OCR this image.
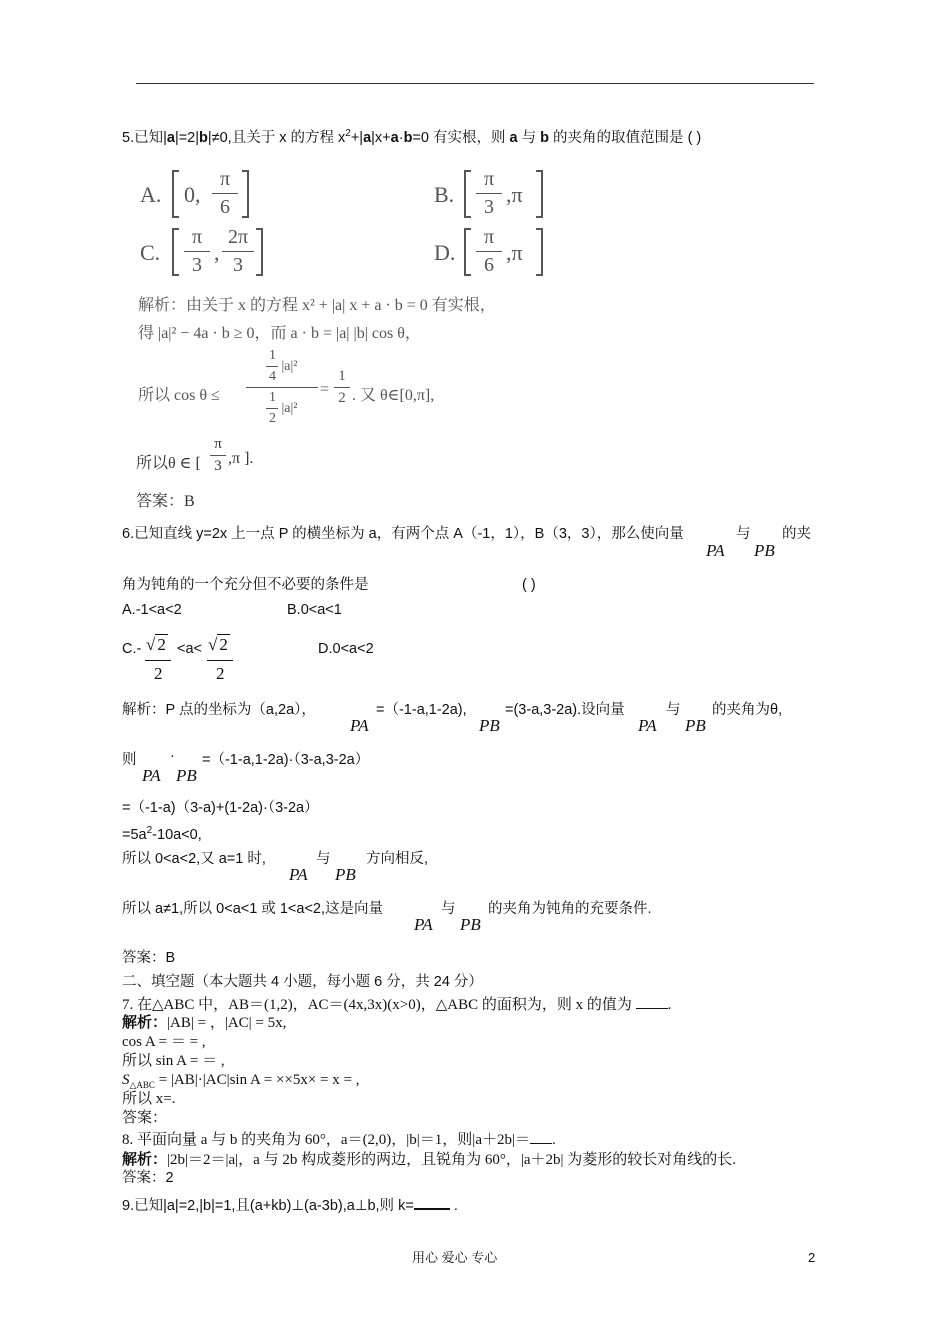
5.已知|a|=2|b|≠0,且关于 x 的方程 $x^2+|a|x+a\cdot b=0$ 有实根，则 a 与 b 的夹角的取值范围是 ( )
A. 0,
π
6	B.
π
3 ,π
C.
π
3 ,
2π
3	D.
π
6 ,π
解析：由关于 x 的方程 x² + |a| x + a · b = 0 有实根，
得 |a|² − 4a · b ≥ 0，而 a · b = |a| |b| cos θ，
所以 cos θ ≤
1
4
|a|²
1
2
|a|²
=
1
2 . 又 θ∈[0,π],
所以θ ∈ [
π
3 ,π ].
答案：B
6.已知直线 y=2x 上一点 P 的横坐标为 a，有两个点 A（-1，1），B（3，3），那么使向量	与 的夹
PA PB
角为钝角的一个充分但不必要的条件是	( )
A.-1<a<2	B.0<a<1
C.- √ 2
2
<a< √ 2
2
D.0<a<2
解析：P 点的坐标为（a,2a），
PA
=（-1-a,1-2a),
PB
=(3-a,3-2a).设向量
PA
与
PB
的夹角为θ,
则 ·
PA PB
=（-1-a,1-2a)·（3-a,3-2a）
=（-1-a)（3-a)+(1-2a)·（3-2a）
$=5a^2-10a<0$,
所以 0<a<2,又 a=1 时,
PA
与
PB
方向相反,
所以 a≠1,所以 0<a<1 或 1<a<2,这是向量
PA
与
PB
的夹角为钝角的充要条件.
答案：B
二、填空题（本大题共 4 小题，每小题 6 分，共 24 分）
7. 在△ABC 中，AB＝(1,2)，AC＝(4x,3x)(x>0)，△ABC 的面积为，则 x 的值为 .
解析：|AB| = ，|AC| = 5x,
cos A = ＝ = ,
所以 sin A = ＝ ,
$S_{\triangle ABC} = |AB|\cdot|AC|\sin$ A = ××5x× = x = ,
所以 x=.
答案：
8. 平面向量 a 与 b 的夹角为 60°，a＝(2,0)，|b|＝1，则|a＋2b|＝ .
解析：|2b|＝2＝|a|，a 与 2b 构成菱形的两边，且锐角为 60°，|a＋2b| 为菱形的较长对角线的长.
答案：2
9.已知|a|=2,|b|=1,且(a+kb)⊥(a-3b),a⊥b,则 k= .
用心 爱心 专心	2
